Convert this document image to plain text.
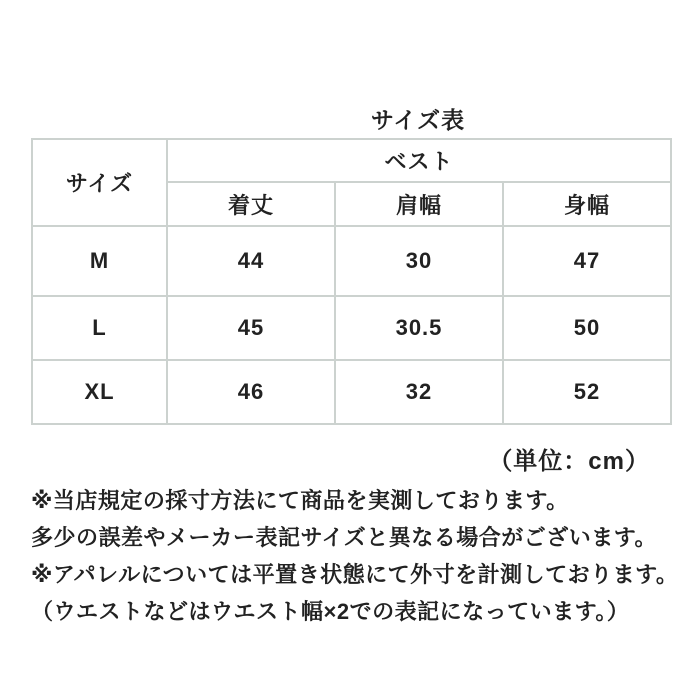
サイズ表
サイズ	ベスト		
	着丈	肩幅	身幅
M	44	30	47
L	45	30.5	50
XL	46	32	52
（単位：cm）
※当店規定の採寸方法にて商品を実測しております。
多少の誤差やメーカー表記サイズと異なる場合がございます。
※アパレルについては平置き状態にて外寸を計測しております。
（ウエストなどはウエスト幅×2での表記になっています。）
